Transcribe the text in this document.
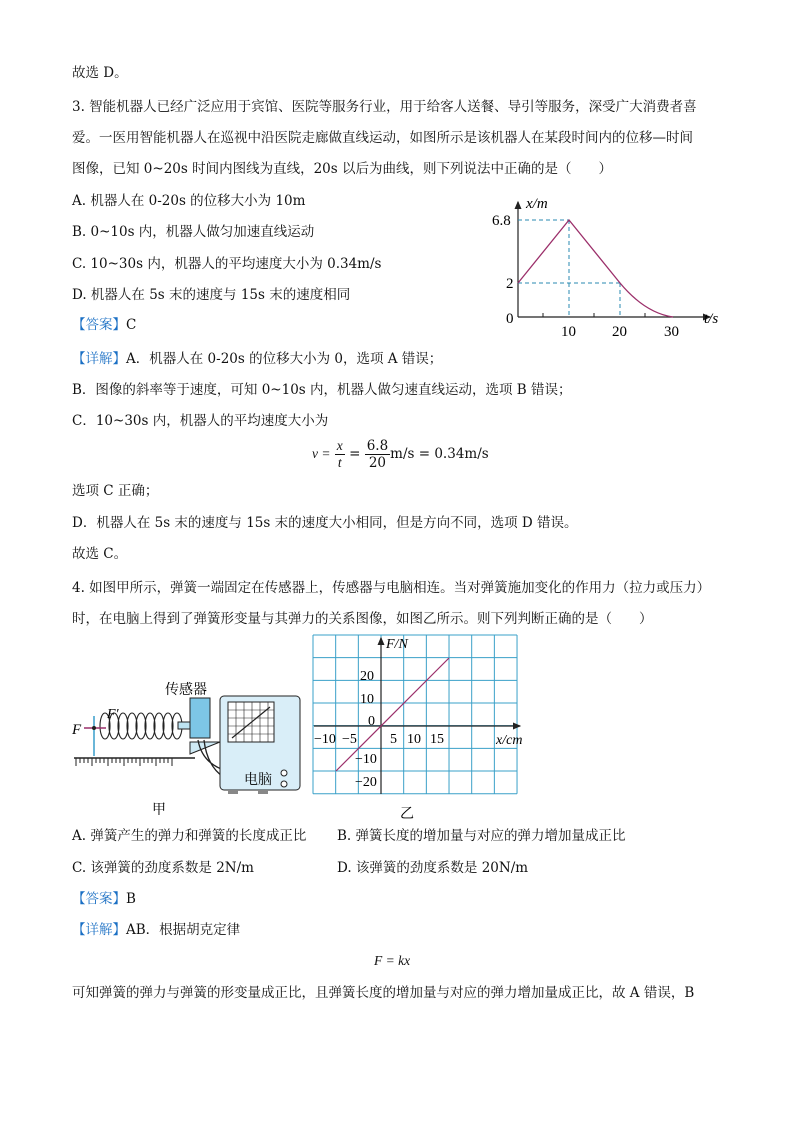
故选 D。
3. 智能机器人已经广泛应用于宾馆、医院等服务行业，用于给客人送餐、导引等服务，深受广大消费者喜
爱。一医用智能机器人在巡视中沿医院走廊做直线运动，如图所示是该机器人在某段时间内的位移—时间
图像，已知 0~20s 时间内图线为直线，20s 以后为曲线，则下列说法中正确的是（　　）
A. 机器人在 0-20s 的位移大小为 10m
B. 0~10s 内，机器人做匀加速直线运动
C. 10~30s 内，机器人的平均速度大小为 0.34m/s
D. 机器人在 5s 末的速度与 15s 末的速度相同
【答案】C
【详解】A．机器人在 0-20s 的位移大小为 0，选项 A 错误；
B．图像的斜率等于速度，可知 0~10s 内，机器人做匀速直线运动，选项 B 错误；
C．10~30s 内，机器人的平均速度大小为
$v = \frac{x}{t} = \frac{6.8}{20} m/s = 0.34m/s$
选项 C 正确；
D．机器人在 5s 末的速度与 15s 末的速度大小相同，但是方向不同，选项 D 错误。
故选 C。
4. 如图甲所示，弹簧一端固定在传感器上，传感器与电脑相连。当对弹簧施加变化的作用力（拉力或压力）
时，在电脑上得到了弹簧形变量与其弹力的关系图像，如图乙所示。则下列判断正确的是（　　）
x/m
t/s
6.8
2
0
10 20 30
F
F′
传感器
电脑
甲
F/N
x/cm
20
10
0
−10
−20
−10 −5 5 10 15
乙
A. 弹簧产生的弹力和弹簧的长度成正比 B. 弹簧长度的增加量与对应的弹力增加量成正比
C. 该弹簧的劲度系数是 2N/m	D. 该弹簧的劲度系数是 20N/m
【答案】B
【详解】AB．根据胡克定律
F = kx
可知弹簧的弹力与弹簧的形变量成正比，且弹簧长度的增加量与对应的弹力增加量成正比，故 A 错误，B
